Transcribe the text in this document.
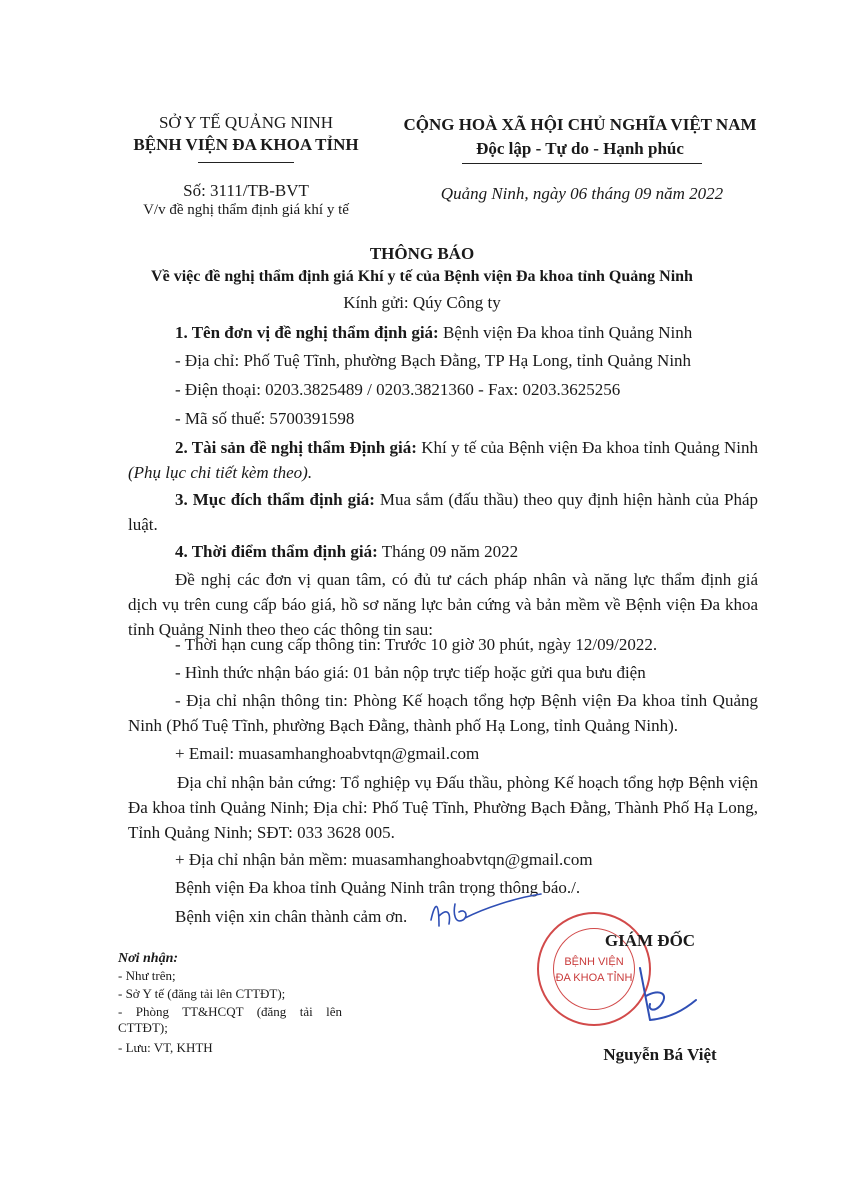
SỞ Y TẾ QUẢNG NINH
BỆNH VIỆN ĐA KHOA TỈNH
Số: 3111/TB-BVT
V/v đề nghị thẩm định giá khí y tế
CỘNG HOÀ XÃ HỘI CHỦ NGHĨA VIỆT NAM
Độc lập - Tự do - Hạnh phúc
Quảng Ninh, ngày 06 tháng 09 năm 2022
THÔNG BÁO
Về việc đề nghị thẩm định giá Khí y tế của Bệnh viện Đa khoa tỉnh Quảng Ninh
Kính gửi: Qúy Công ty
1. Tên đơn vị đề nghị thẩm định giá: Bệnh viện Đa khoa tỉnh Quảng Ninh
- Địa chỉ: Phố Tuệ Tĩnh, phường Bạch Đằng, TP Hạ Long, tỉnh Quảng Ninh
- Điện thoại: 0203.3825489 / 0203.3821360 - Fax: 0203.3625256
- Mã số thuế: 5700391598
2. Tài sản đề nghị thẩm Định giá: Khí y tế của Bệnh viện Đa khoa tỉnh Quảng Ninh (Phụ lục chi tiết kèm theo).
3. Mục đích thẩm định giá: Mua sắm (đấu thầu) theo quy định hiện hành của Pháp luật.
4. Thời điểm thẩm định giá: Tháng 09 năm 2022
Đề nghị các đơn vị quan tâm, có đủ tư cách pháp nhân và năng lực thẩm định giá dịch vụ trên cung cấp báo giá, hồ sơ năng lực bản cứng và bản mềm về Bệnh viện Đa khoa tỉnh Quảng Ninh theo theo các thông tin sau:
- Thời hạn cung cấp thông tin: Trước 10 giờ 30 phút, ngày 12/09/2022.
- Hình thức nhận báo giá: 01 bản nộp trực tiếp hoặc gửi qua bưu điện
- Địa chỉ nhận thông tin: Phòng Kế hoạch tổng hợp Bệnh viện Đa khoa tỉnh Quảng Ninh (Phố Tuệ Tĩnh, phường Bạch Đằng, thành phố Hạ Long, tỉnh Quảng Ninh).
+ Email: muasamhanghoabvtqn@gmail.com
Địa chỉ nhận bản cứng: Tổ nghiệp vụ Đấu thầu, phòng Kế hoạch tổng hợp Bệnh viện Đa khoa tỉnh Quảng Ninh; Địa chỉ: Phố Tuệ Tĩnh, Phường Bạch Đằng, Thành Phố Hạ Long, Tỉnh Quảng Ninh; SĐT: 033 3628 005.
+ Địa chỉ nhận bản mềm: muasamhanghoabvtqn@gmail.com
Bệnh viện Đa khoa tỉnh Quảng Ninh trân trọng thông báo./.
Bệnh viện xin chân thành cảm ơn.
Nơi nhận:
- Như trên;
- Sở Y tế (đăng tải lên CTTĐT);
- Phòng TT&HCQT (đăng tải lên CTTĐT);
- Lưu: VT, KHTH
BỆNH VIỆN
ĐA KHOA TỈNH
GIÁM ĐỐC
Nguyễn Bá Việt
